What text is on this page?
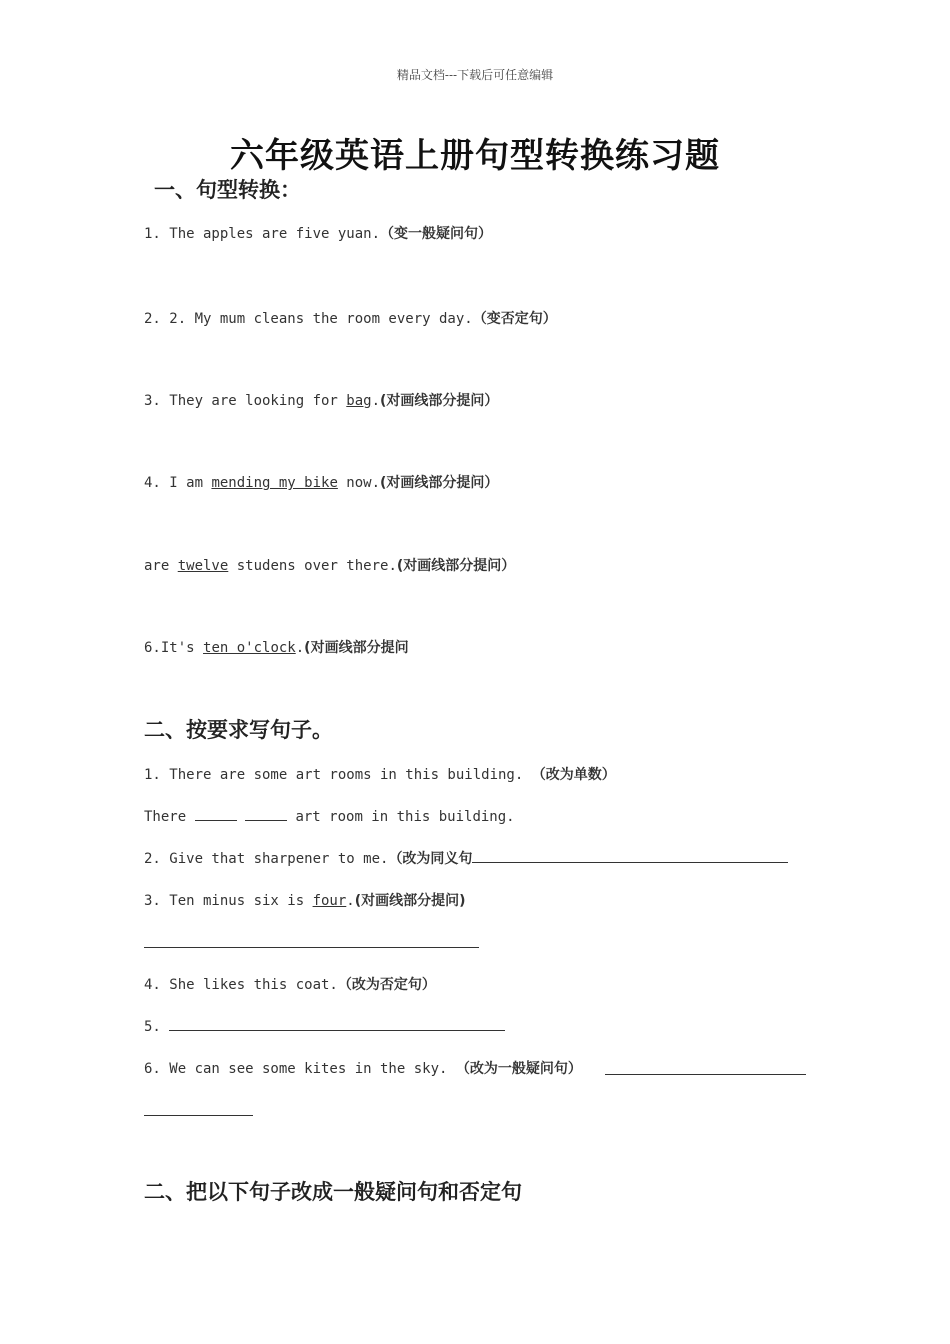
精品文档---下载后可任意编辑
六年级英语上册句型转换练习题
一、句型转换：
1. The apples are five yuan.（变一般疑问句）
2. 2. My mum cleans the room every day.（变否定句）
3. They are looking for bag.(对画线部分提问）
4. I am mending my bike now.(对画线部分提问）
are twelve studens over there.(对画线部分提问）
6.It's ten o'clock.(对画线部分提问
二、按要求写句子。
1. There are some art rooms in this building. （改为单数）
There	art room in this building.
2. Give that sharpener to me.（改为同义句
3. Ten minus six is four.(对画线部分提问)
4. She likes this coat.（改为否定句）
5.
6. We can see some kites in the sky. （改为一般疑问句）
二、把以下句子改成一般疑问句和否定句
